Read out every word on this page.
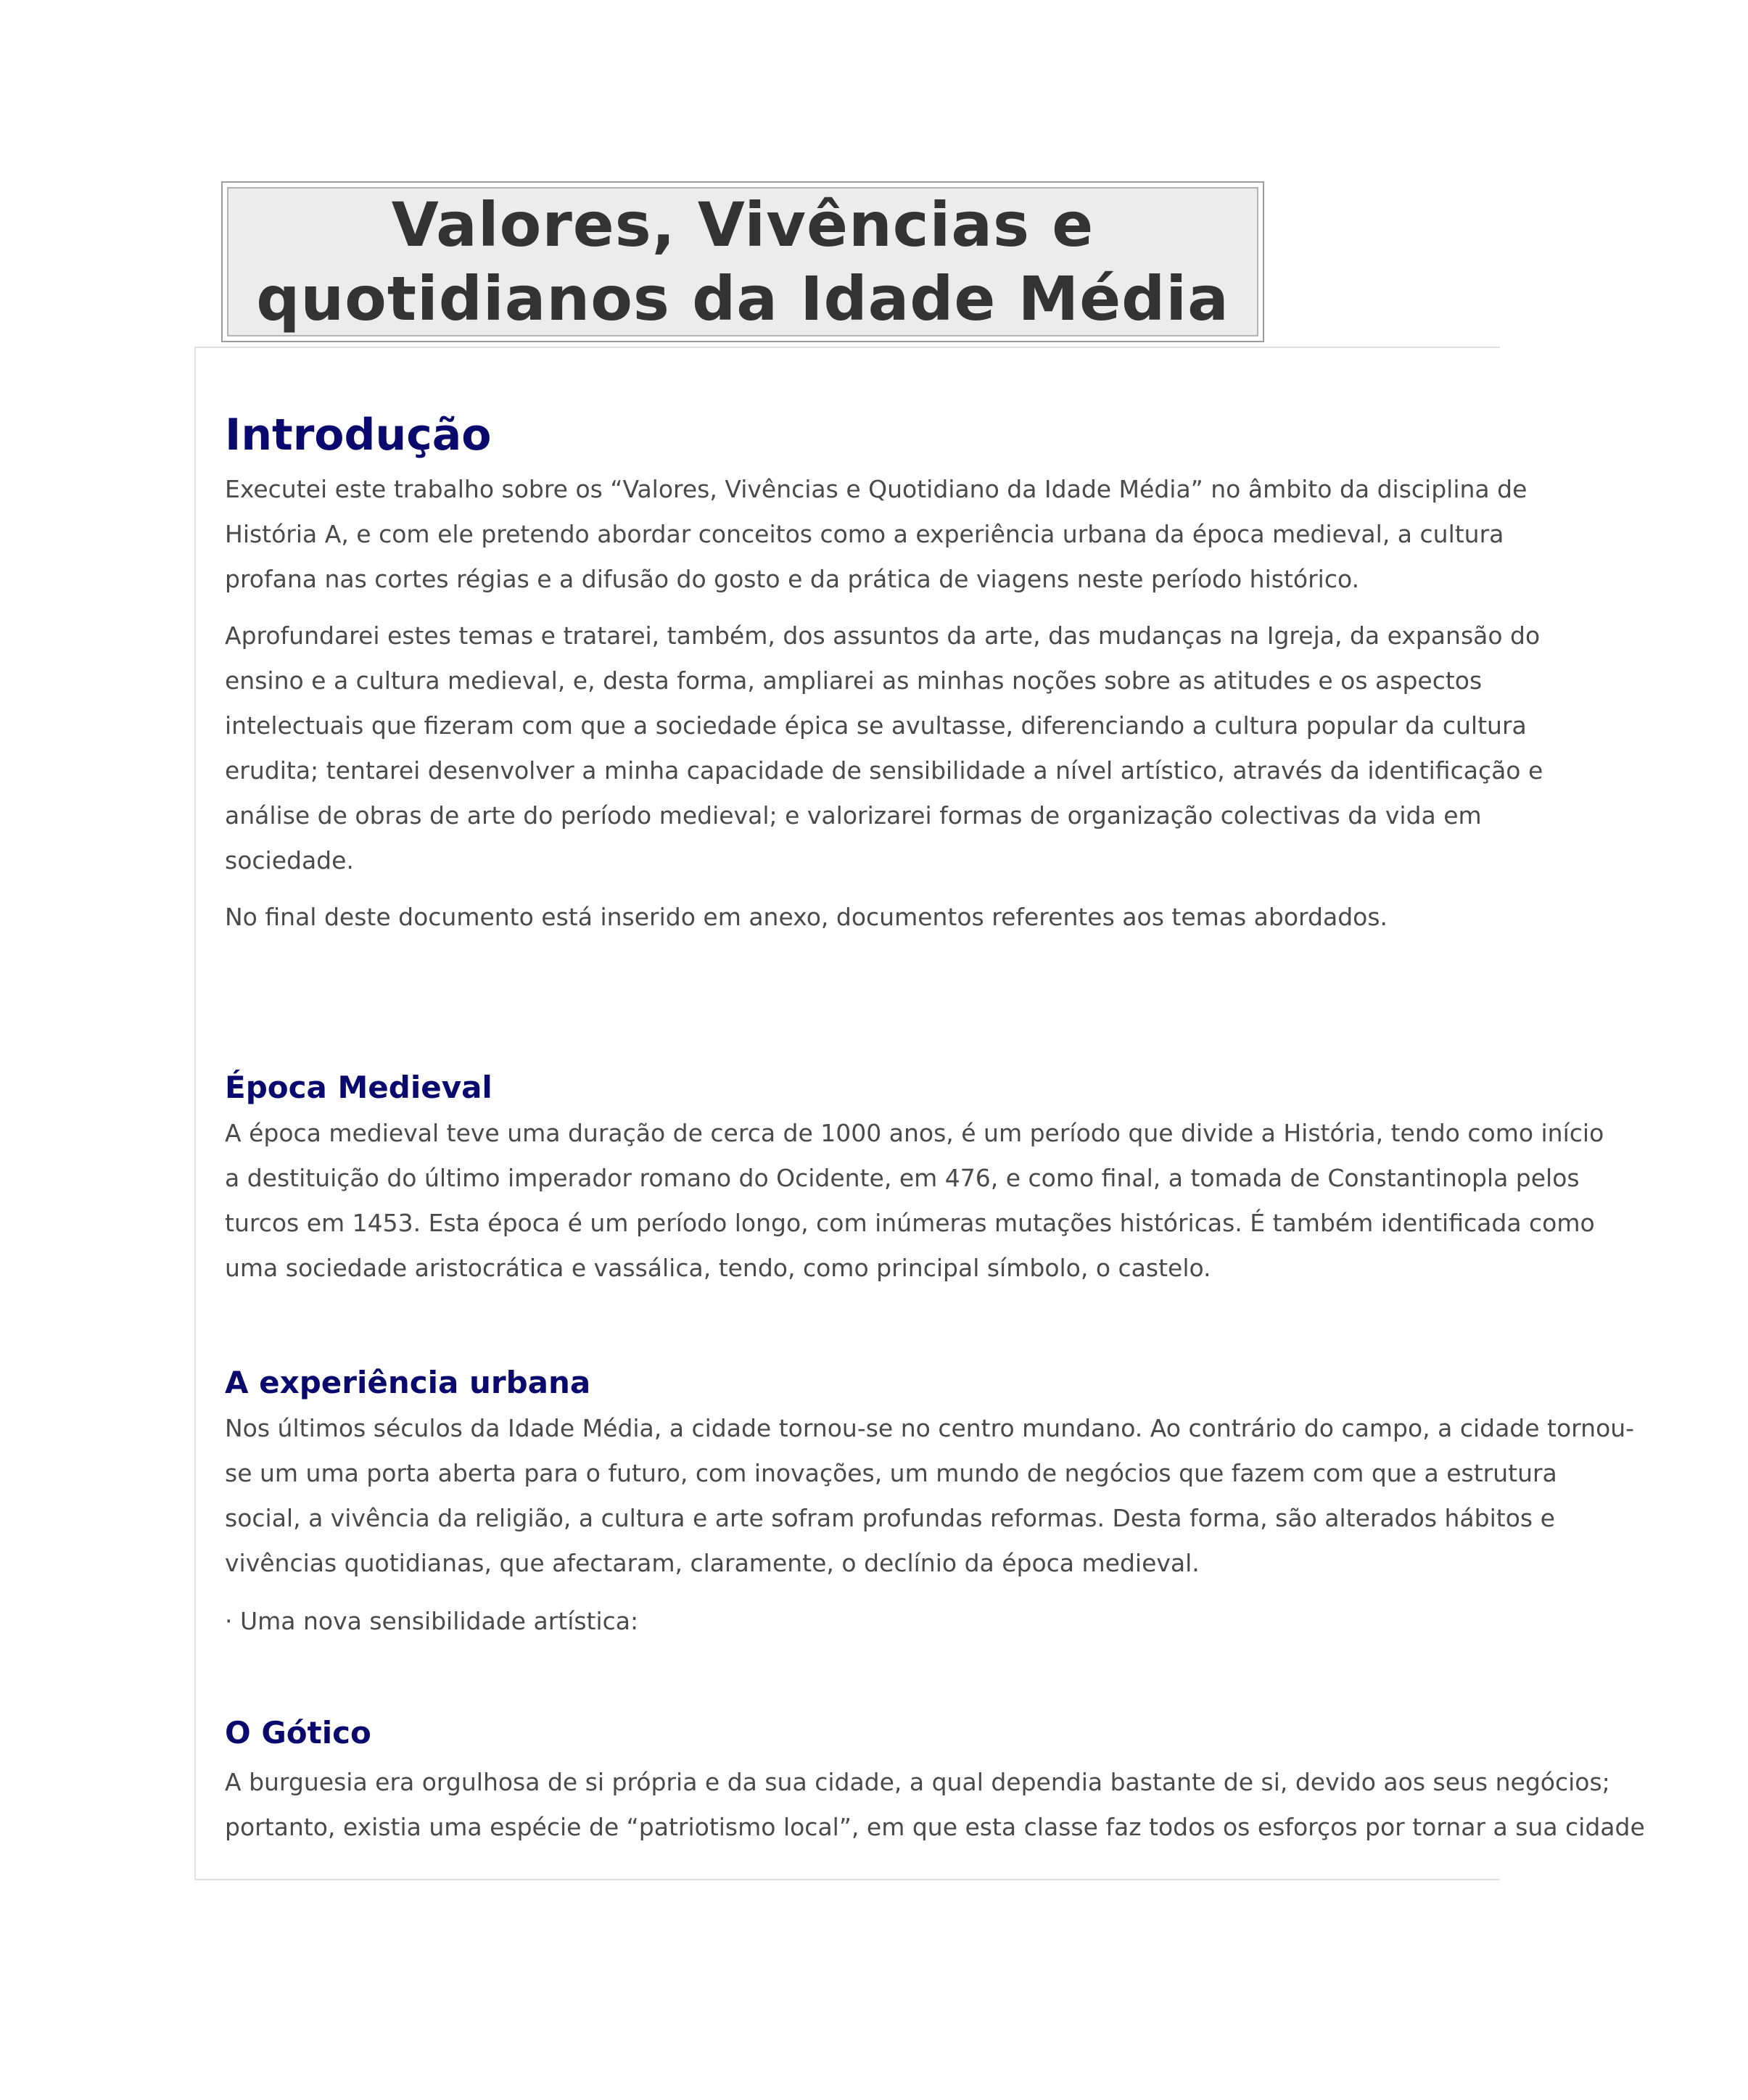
Valores, Vivências e
quotidianos da Idade Média
Introdução

Executei este trabalho sobre os “Valores, Vivências e Quotidiano da Idade Média” no âmbito da disciplina de

História A, e com ele pretendo abordar conceitos como a experiência urbana da época medieval, a cultura

profana nas cortes régias e a difusão do gosto e da prática de viagens neste período histórico.

Aprofundarei estes temas e tratarei, também, dos assuntos da arte, das mudanças na Igreja, da expansão do

ensino e a cultura medieval, e, desta forma, ampliarei as minhas noções sobre as atitudes e os aspectos

intelectuais que fizeram com que a sociedade épica se avultasse, diferenciando a cultura popular da cultura

erudita; tentarei desenvolver a minha capacidade de sensibilidade a nível artístico, através da identificação e

análise de obras de arte do período medieval; e valorizarei formas de organização colectivas da vida em

sociedade.

No final deste documento está inserido em anexo, documentos referentes aos temas abordados.

Época Medieval

A época medieval teve uma duração de cerca de 1000 anos, é um período que divide a História, tendo como início

a destituição do último imperador romano do Ocidente, em 476, e como final, a tomada de Constantinopla pelos

turcos em 1453. Esta época é um período longo, com inúmeras mutações históricas. É também identificada como

uma sociedade aristocrática e vassálica, tendo, como principal símbolo, o castelo.

A experiência urbana

Nos últimos séculos da Idade Média, a cidade tornou-se no centro mundano. Ao contrário do campo, a cidade tornou-

se um uma porta aberta para o futuro, com inovações, um mundo de negócios que fazem com que a estrutura

social, a vivência da religião, a cultura e arte sofram profundas reformas. Desta forma, são alterados hábitos e

vivências quotidianas, que afectaram, claramente, o declínio da época medieval.

· Uma nova sensibilidade artística:

O Gótico

A burguesia era orgulhosa de si própria e da sua cidade, a qual dependia bastante de si, devido aos seus negócios;

portanto, existia uma espécie de “patriotismo local”, em que esta classe faz todos os esforços por tornar a sua cidade
